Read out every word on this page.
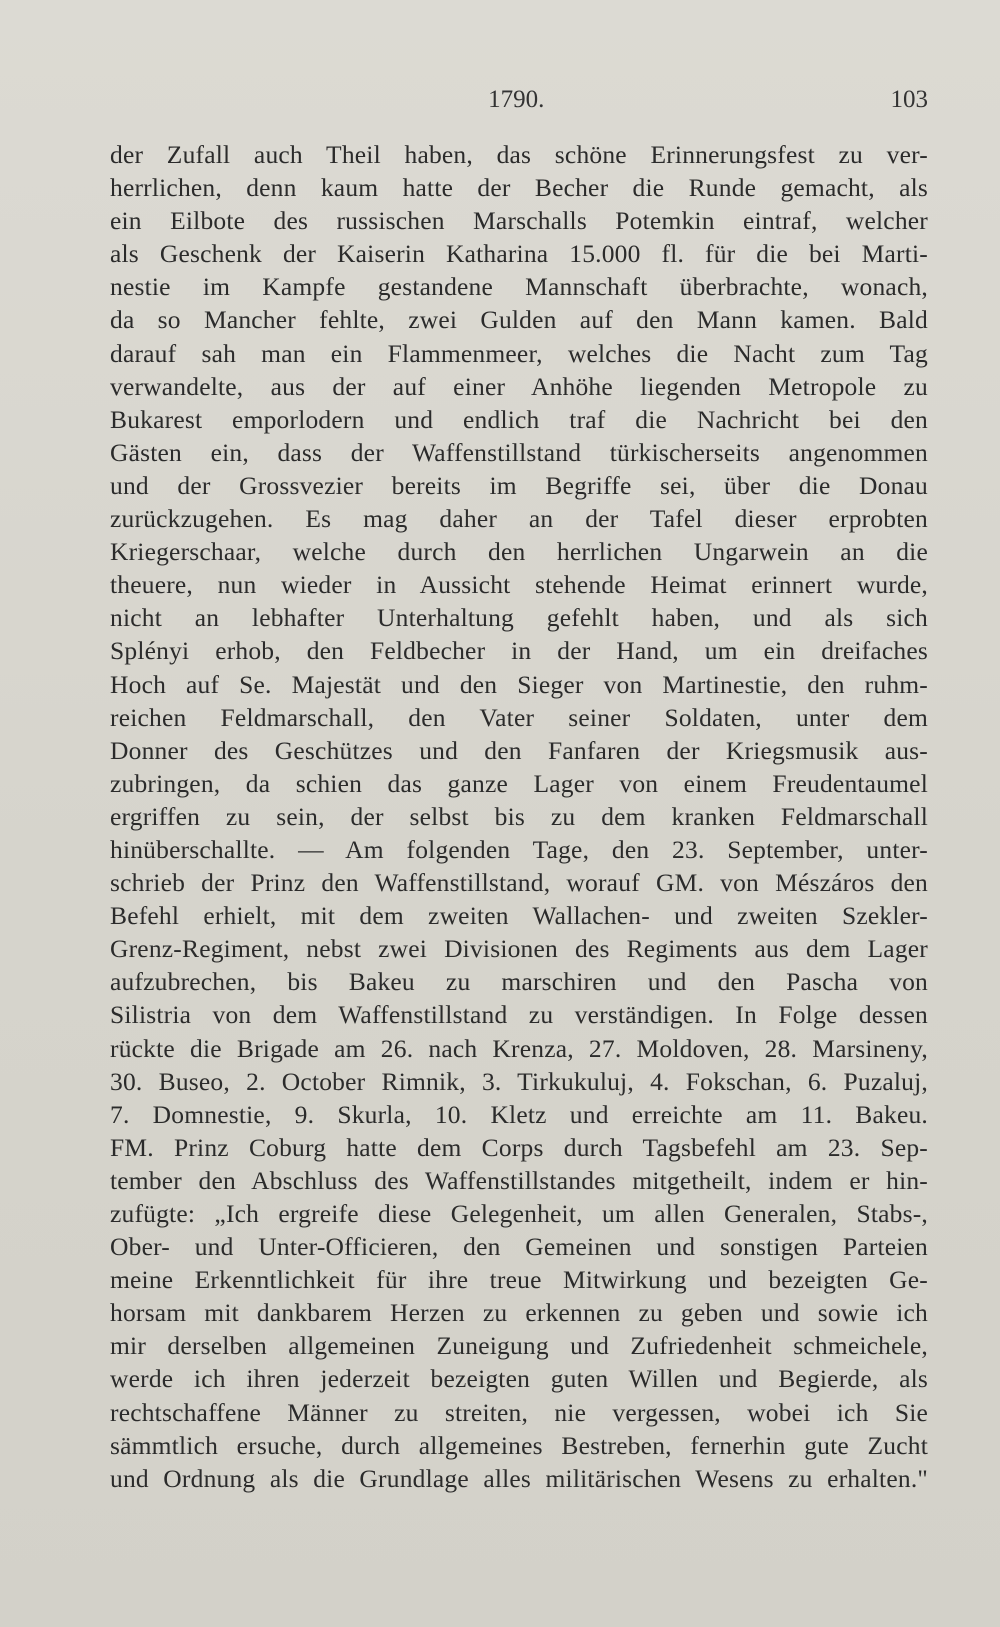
1790.	103
der Zufall auch Theil haben, das schöne Erinnerungsfest zu ver-
herrlichen, denn kaum hatte der Becher die Runde gemacht, als
ein Eilbote des russischen Marschalls Potemkin eintraf, welcher
als Geschenk der Kaiserin Katharina 15.000 fl. für die bei Marti-
nestie im Kampfe gestandene Mannschaft überbrachte, wonach,
da so Mancher fehlte, zwei Gulden auf den Mann kamen. Bald
darauf sah man ein Flammenmeer, welches die Nacht zum Tag
verwandelte, aus der auf einer Anhöhe liegenden Metropole zu
Bukarest emporlodern und endlich traf die Nachricht bei den
Gästen ein, dass der Waffenstillstand türkischerseits angenommen
und der Grossvezier bereits im Begriffe sei, über die Donau
zurückzugehen. Es mag daher an der Tafel dieser erprobten
Kriegerschaar, welche durch den herrlichen Ungarwein an die
theuere, nun wieder in Aussicht stehende Heimat erinnert wurde,
nicht an lebhafter Unterhaltung gefehlt haben, und als sich
Splényi erhob, den Feldbecher in der Hand, um ein dreifaches
Hoch auf Se. Majestät und den Sieger von Martinestie, den ruhm-
reichen Feldmarschall, den Vater seiner Soldaten, unter dem
Donner des Geschützes und den Fanfaren der Kriegsmusik aus-
zubringen, da schien das ganze Lager von einem Freudentaumel
ergriffen zu sein, der selbst bis zu dem kranken Feldmarschall
hinüberschallte. — Am folgenden Tage, den 23. September, unter-
schrieb der Prinz den Waffenstillstand, worauf GM. von Mészáros den
Befehl erhielt, mit dem zweiten Wallachen- und zweiten Szekler-
Grenz-Regiment, nebst zwei Divisionen des Regiments aus dem Lager
aufzubrechen, bis Bakeu zu marschiren und den Pascha von
Silistria von dem Waffenstillstand zu verständigen. In Folge dessen
rückte die Brigade am 26. nach Krenza, 27. Moldoven, 28. Marsineny,
30. Buseo, 2. October Rimnik, 3. Tirkukuluj, 4. Fokschan, 6. Puzaluj,
7. Domnestie, 9. Skurla, 10. Kletz und erreichte am 11. Bakeu.
FM. Prinz Coburg hatte dem Corps durch Tagsbefehl am 23. Sep-
tember den Abschluss des Waffenstillstandes mitgetheilt, indem er hin-
zufügte: „Ich ergreife diese Gelegenheit, um allen Generalen, Stabs-,
Ober- und Unter-Officieren, den Gemeinen und sonstigen Parteien
meine Erkenntlichkeit für ihre treue Mitwirkung und bezeigten Ge-
horsam mit dankbarem Herzen zu erkennen zu geben und sowie ich
mir derselben allgemeinen Zuneigung und Zufriedenheit schmeichele,
werde ich ihren jederzeit bezeigten guten Willen und Begierde, als
rechtschaffene Männer zu streiten, nie vergessen, wobei ich Sie
sämmtlich ersuche, durch allgemeines Bestreben, fernerhin gute Zucht
und Ordnung als die Grundlage alles militärischen Wesens zu erhalten."
